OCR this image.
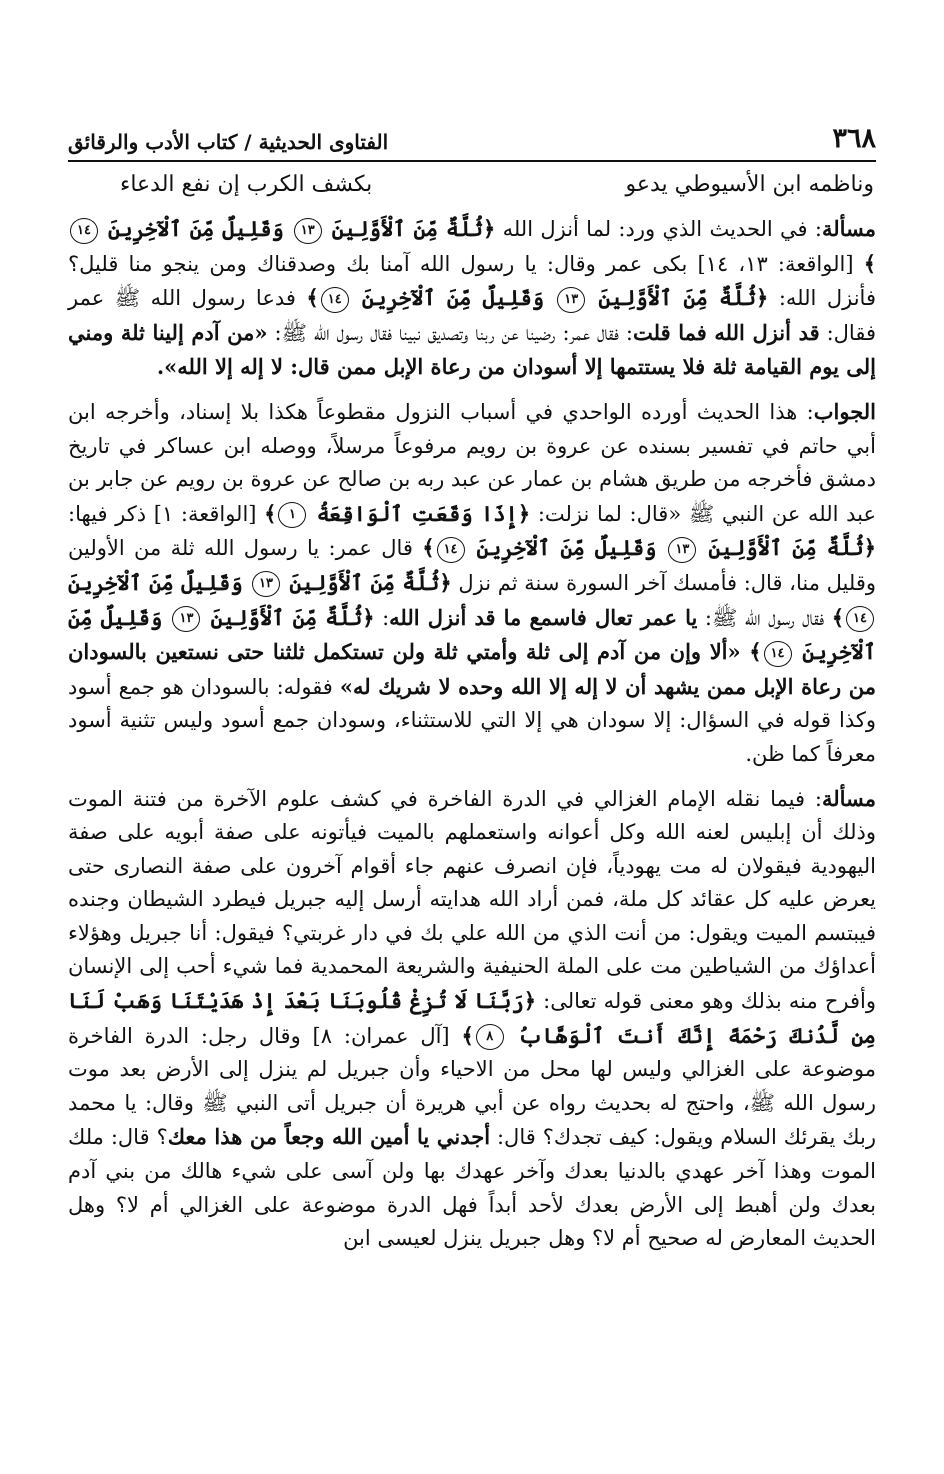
٣٦٨
الفتاوى الحديثية / كتاب الأدب والرقائق
وناظمه ابن الأسيوطي يدعو
بكشف الكرب إن نفع الدعاء

مسألة: في الحديث الذي ورد: لما أنزل الله ﴿ثُلَّةٌ مِّنَ ٱلْأَوَّلِينَ ١٣ وَقَلِيلٌ مِّنَ ٱلْآخِرِينَ ١٤﴾ [الواقعة: ١٣، ١٤] بكى عمر وقال: يا رسول الله آمنا بك وصدقناك ومن ينجو منا قليل؟ فأنزل الله: ﴿ثُلَّةٌ مِّنَ ٱلْأَوَّلِينَ ١٣ وَقَلِيلٌ مِّنَ ٱلْآخِرِينَ ١٤﴾ فدعا رسول الله ﷺ عمر فقال: قد أنزل الله فما قلت: فقال عمر: رضينا عن ربنا وتصديق نبينا فقال رسول الله ﷺ: «من آدم إلينا ثلة ومني إلى يوم القيامة ثلة فلا يستتمها إلا أسودان من رعاة الإبل ممن قال: لا إله إلا الله».

الجواب: هذا الحديث أورده الواحدي في أسباب النزول مقطوعاً هكذا بلا إسناد، وأخرجه ابن أبي حاتم في تفسير بسنده عن عروة بن رويم مرفوعاً مرسلاً، ووصله ابن عساكر في تاريخ دمشق فأخرجه من طريق هشام بن عمار عن عبد ربه بن صالح عن عروة بن رويم عن جابر بن عبد الله عن النبي ﷺ «قال: لما نزلت: ﴿إِذَا وَقَعَتِ ٱلْوَاقِعَةُ ١﴾ [الواقعة: ١] ذكر فيها: ﴿ثُلَّةٌ مِّنَ ٱلْأَوَّلِينَ ١٣ وَقَلِيلٌ مِّنَ ٱلْآخِرِينَ ١٤﴾ قال عمر: يا رسول الله ثلة من الأولين وقليل منا، قال: فأمسك آخر السورة سنة ثم نزل ﴿ثُلَّةٌ مِّنَ ٱلْأَوَّلِينَ ١٣ وَقَلِيلٌ مِّنَ ٱلْآخِرِينَ ١٤﴾ فقال رسول الله ﷺ: يا عمر تعال فاسمع ما قد أنزل الله: ﴿ثُلَّةٌ مِّنَ ٱلْأَوَّلِينَ ١٣ وَقَلِيلٌ مِّنَ ٱلْآخِرِينَ ١٤﴾ «ألا وإن من آدم إلى ثلة وأمتي ثلة ولن تستكمل ثلثنا حتى نستعين بالسودان من رعاة الإبل ممن يشهد أن لا إله إلا الله وحده لا شريك له» فقوله: بالسودان هو جمع أسود وكذا قوله في السؤال: إلا سودان هي إلا التي للاستثناء، وسودان جمع أسود وليس تثنية أسود معرفاً كما ظن.

مسألة: فيما نقله الإمام الغزالي في الدرة الفاخرة في كشف علوم الآخرة من فتنة الموت وذلك أن إبليس لعنه الله وكل أعوانه واستعملهم بالميت فيأتونه على صفة أبويه على صفة اليهودية فيقولان له مت يهودياً، فإن انصرف عنهم جاء أقوام آخرون على صفة النصارى حتى يعرض عليه كل عقائد كل ملة، فمن أراد الله هدايته أرسل إليه جبريل فيطرد الشيطان وجنده فيبتسم الميت ويقول: من أنت الذي من الله علي بك في دار غربتي؟ فيقول: أنا جبريل وهؤلاء أعداؤك من الشياطين مت على الملة الحنيفية والشريعة المحمدية فما شيء أحب إلى الإنسان وأفرح منه بذلك وهو معنى قوله تعالى: ﴿رَبَّنَا لَا تُزِغْ قُلُوبَنَا بَعْدَ إِذْ هَدَيْتَنَا وَهَبْ لَنَا مِن لَّدُنكَ رَحْمَةً إِنَّكَ أَنتَ ٱلْوَهَّابُ ٨﴾ [آل عمران: ٨] وقال رجل: الدرة الفاخرة موضوعة على الغزالي وليس لها محل من الاحياء وأن جبريل لم ينزل إلى الأرض بعد موت رسول الله ﷺ، واحتج له بحديث رواه عن أبي هريرة أن جبريل أتى النبي ﷺ وقال: يا محمد ربك يقرئك السلام ويقول: كيف تجدك؟ قال: أجدني يا أمين الله وجعاً من هذا معك؟ قال: ملك الموت وهذا آخر عهدي بالدنيا بعدك وآخر عهدك بها ولن آسى على شيء هالك من بني آدم بعدك ولن أهبط إلى الأرض بعدك لأحد أبداً فهل الدرة موضوعة على الغزالي أم لا؟ وهل الحديث المعارض له صحيح أم لا؟ وهل جبريل ينزل لعيسى ابن
